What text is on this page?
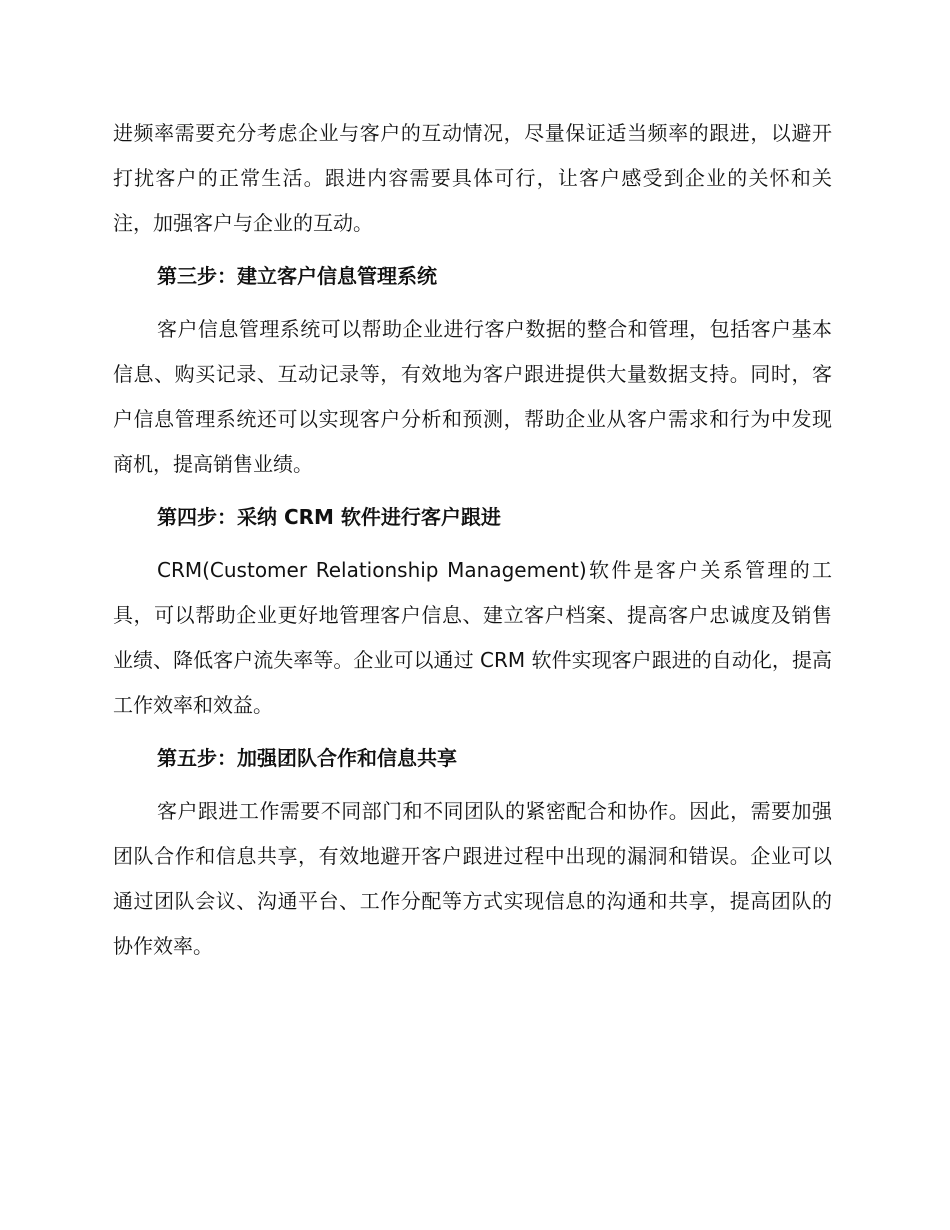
进频率需要充分考虑企业与客户的互动情况，尽量保证适当频率的跟进，以避开打扰客户的正常生活。跟进内容需要具体可行，让客户感受到企业的关怀和关注，加强客户与企业的互动。

第三步：建立客户信息管理系统

客户信息管理系统可以帮助企业进行客户数据的整合和管理，包括客户基本信息、购买记录、互动记录等，有效地为客户跟进提供大量数据支持。同时，客户信息管理系统还可以实现客户分析和预测，帮助企业从客户需求和行为中发现商机，提高销售业绩。

第四步：采纳 CRM 软件进行客户跟进

CRM(Customer Relationship Management)软件是客户关系管理的工具，可以帮助企业更好地管理客户信息、建立客户档案、提高客户忠诚度及销售业绩、降低客户流失率等。企业可以通过 CRM 软件实现客户跟进的自动化，提高工作效率和效益。

第五步：加强团队合作和信息共享

客户跟进工作需要不同部门和不同团队的紧密配合和协作。因此，需要加强团队合作和信息共享，有效地避开客户跟进过程中出现的漏洞和错误。企业可以通过团队会议、沟通平台、工作分配等方式实现信息的沟通和共享，提高团队的协作效率。
